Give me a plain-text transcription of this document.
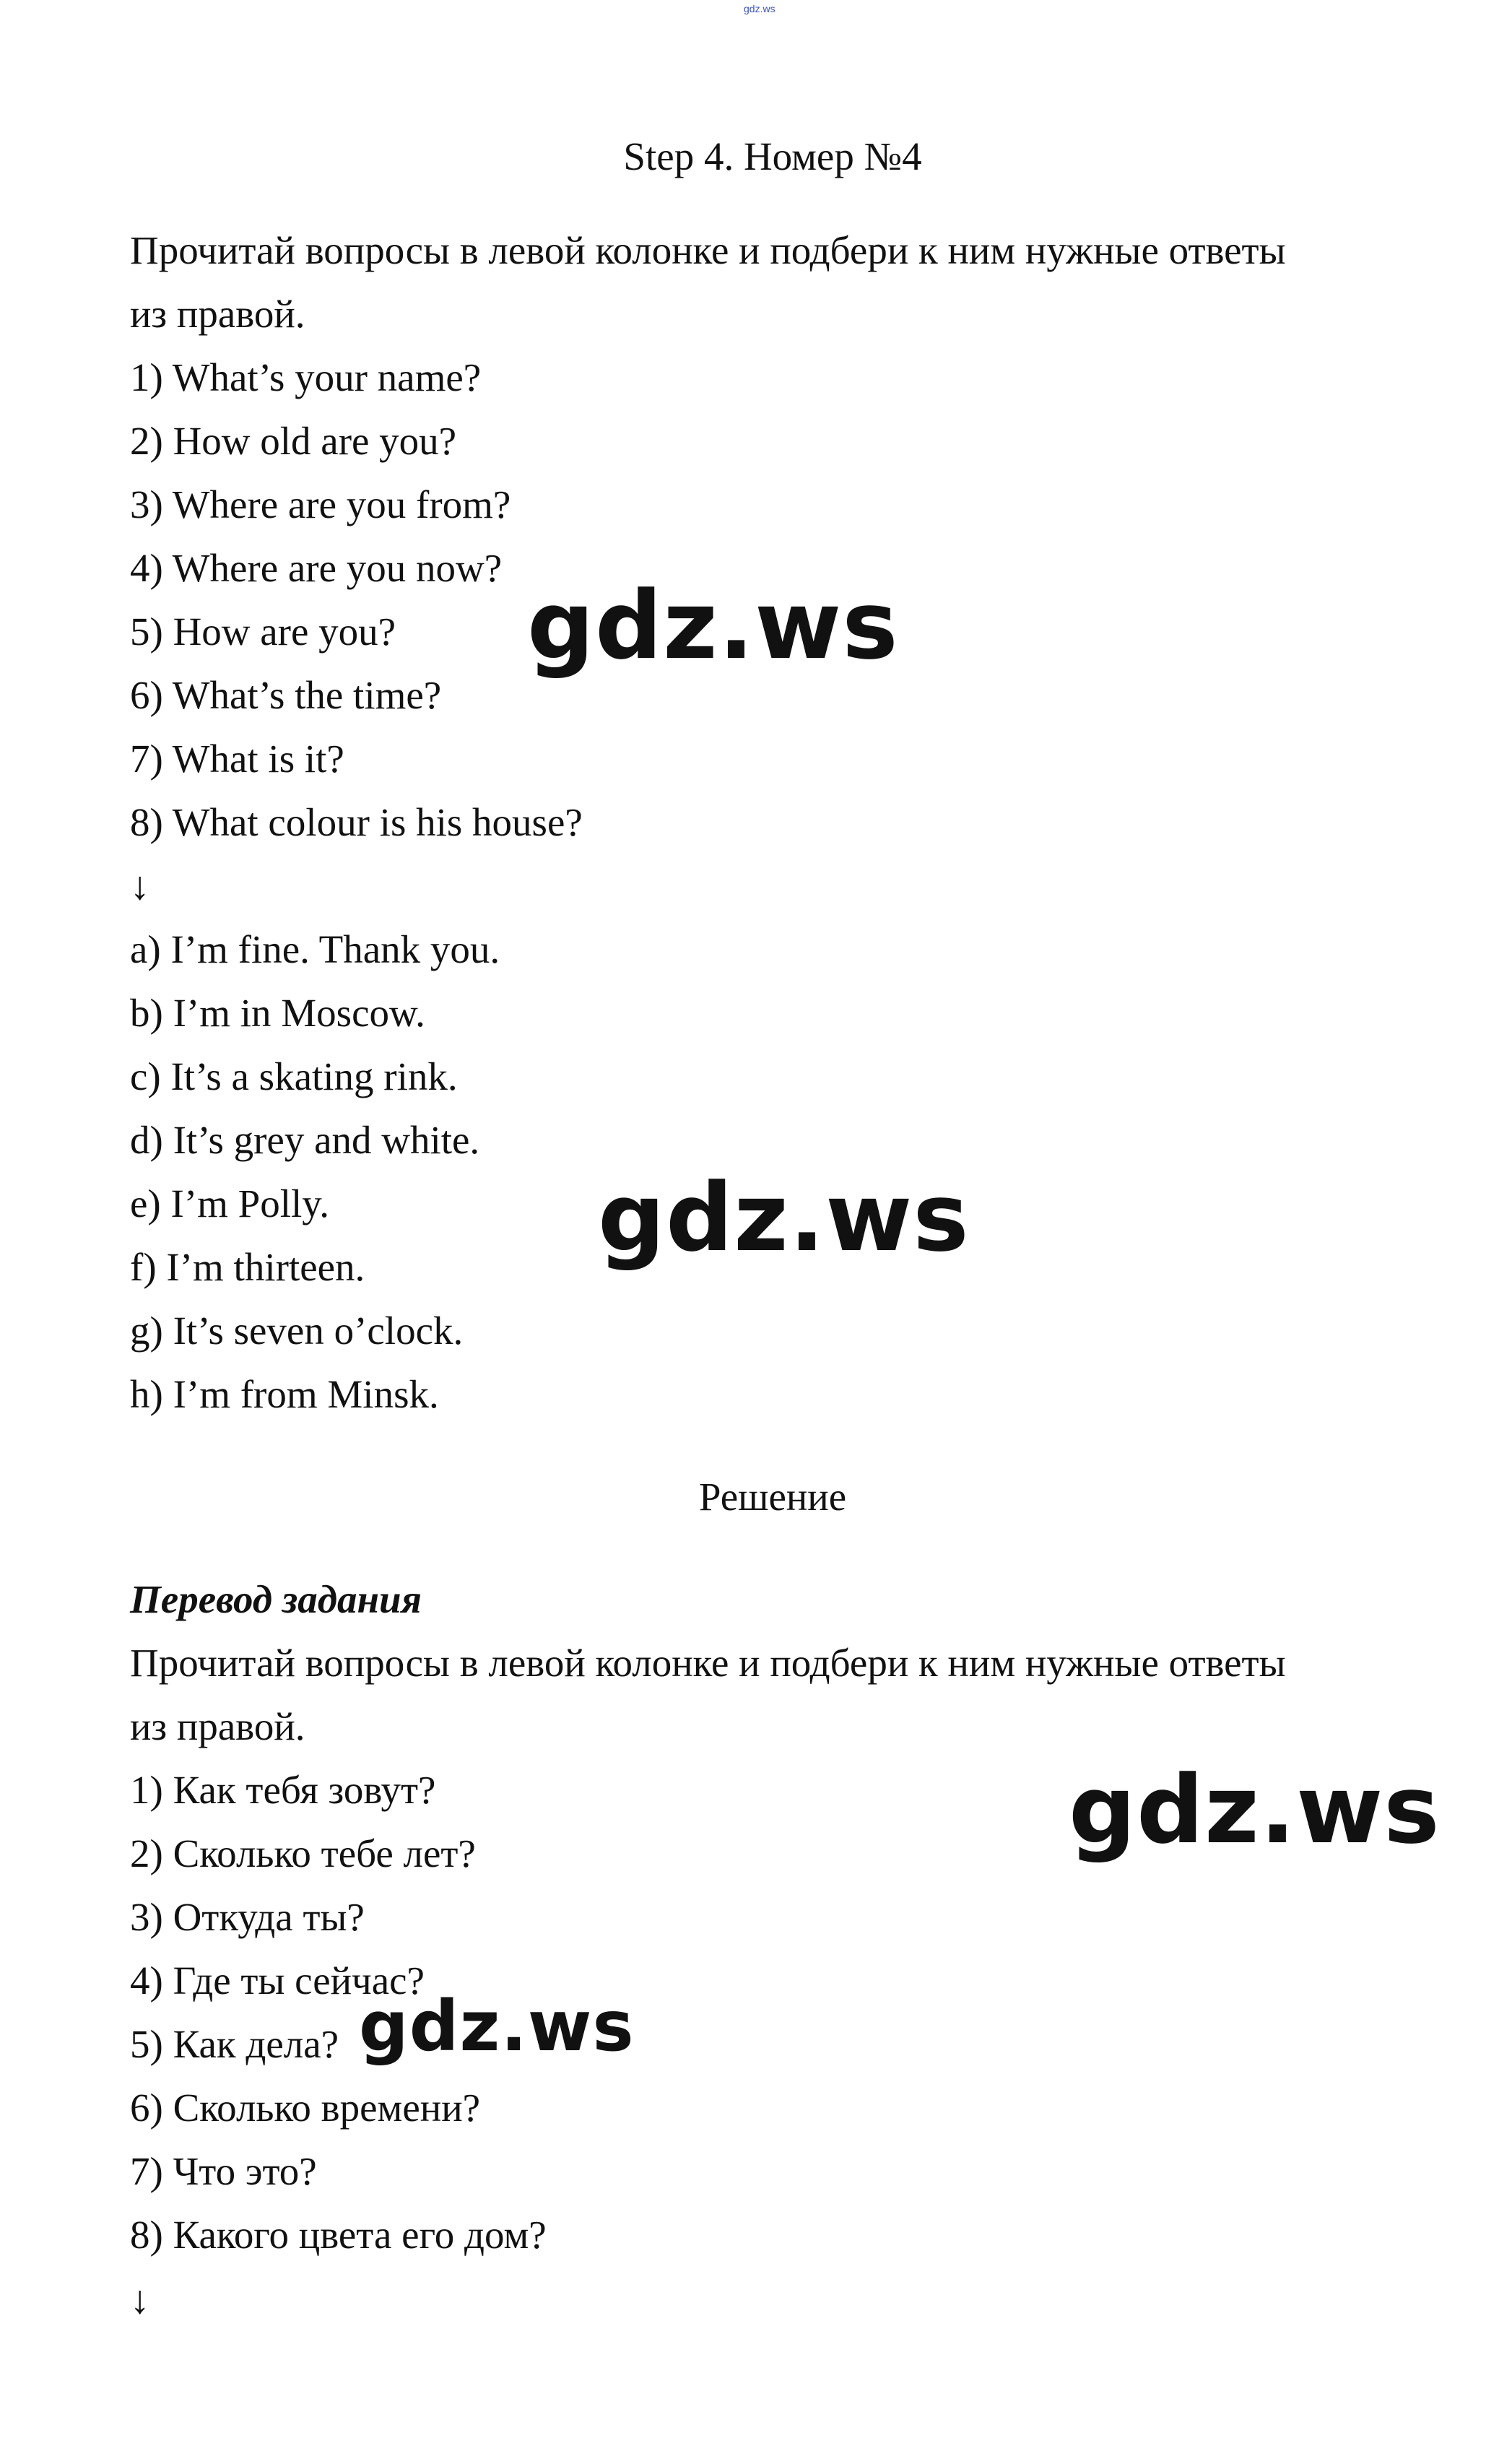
gdz.ws
Step 4. Номер №4
Прочитай вопросы в левой колонке и подбери к ним нужные ответы
из правой.
1) What’s your name?
2) How old are you?
3) Where are you from?
4) Where are you now?
5) How are you?
6) What’s the time?
7) What is it?
8) What colour is his house?
↓
a) I’m fine. Thank you.
b) I’m in Moscow.
c) It’s a skating rink.
d) It’s grey and white.
e) I’m Polly.
f) I’m thirteen.
g) It’s seven o’clock.
h) I’m from Minsk.
Решение
Перевод задания
Прочитай вопросы в левой колонке и подбери к ним нужные ответы
из правой.
1) Как тебя зовут?
2) Сколько тебе лет?
3) Откуда ты?
4) Где ты сейчас?
5) Как дела?
6) Сколько времени?
7) Что это?
8) Какого цвета его дом?
↓
gdz.ws
gdz.ws
gdz.ws
gdz.ws
